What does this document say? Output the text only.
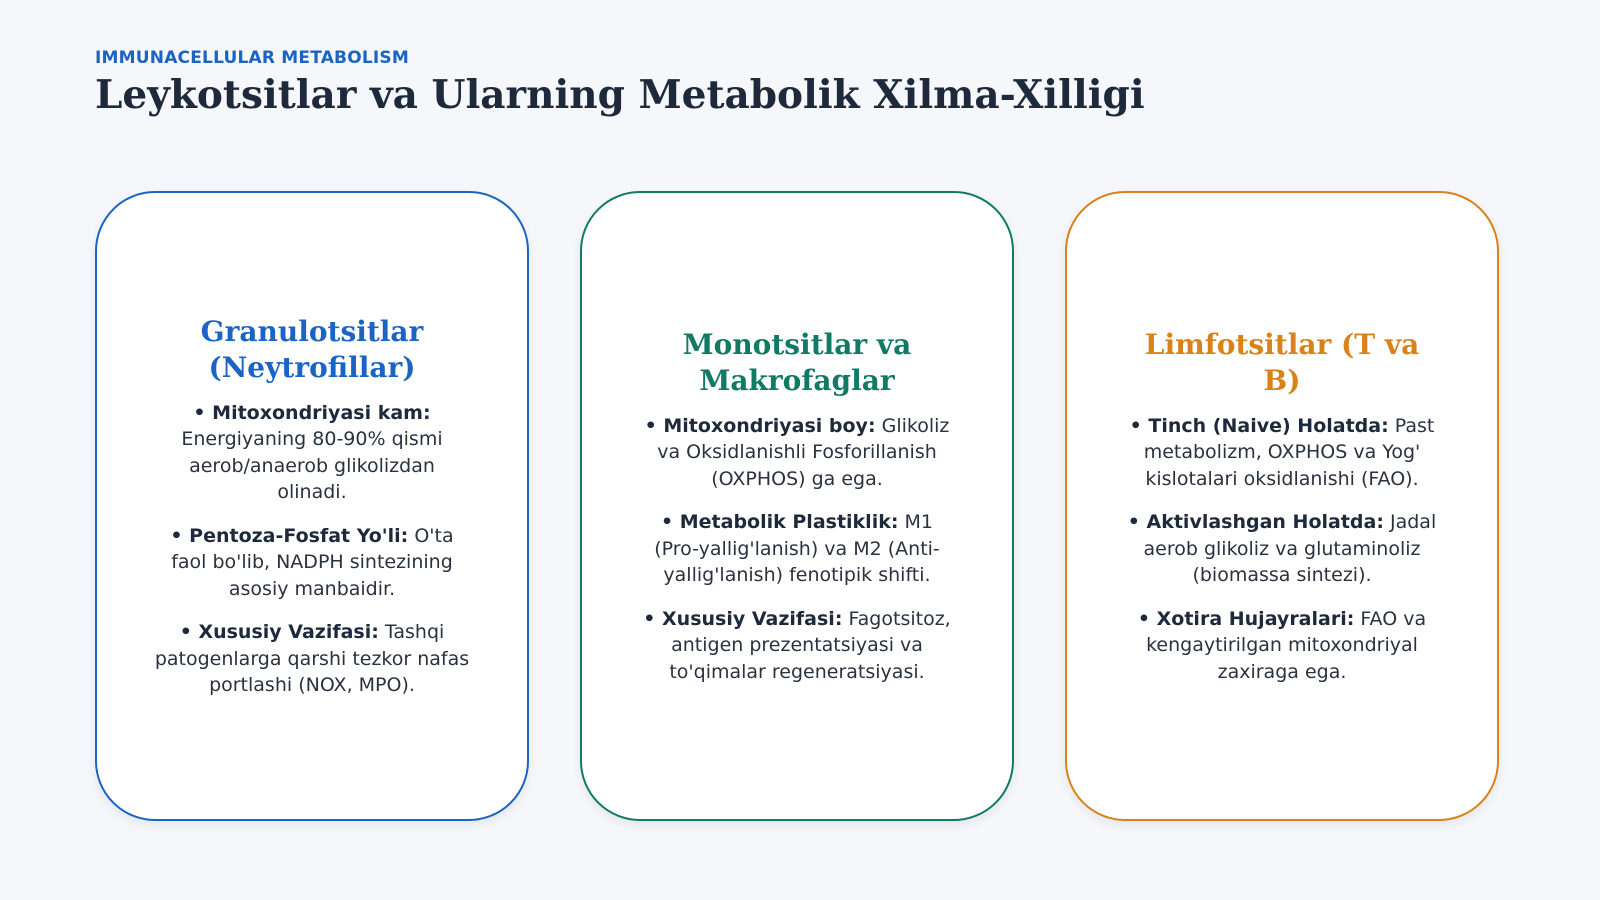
IMMUNACELLULAR METABOLISM
Leykotsitlar va Ularning Metabolik Xilma-Xilligi
Granulotsitlar (Neytrofillar)

• Mitoxondriyasi kam: Energiyaning 80-90% qismi aerob/anaerob glikolizdan olinadi.

• Pentoza-Fosfat Yo'li: O'ta faol bo'lib, NADPH sintezining asosiy manbaidir.

• Xususiy Vazifasi: Tashqi patogenlarga qarshi tezkor nafas portlashi (NOX, MPO).

Monotsitlar va Makrofaglar

• Mitoxondriyasi boy: Glikoliz va Oksidlanishli Fosforillanish (OXPHOS) ga ega.

• Metabolik Plastiklik: M1 (Pro-yallig'lanish) va M2 (Anti-yallig'lanish) fenotipik shifti.

• Xususiy Vazifasi: Fagotsitoz, antigen prezentatsiyasi va to'qimalar regeneratsiyasi.

Limfotsitlar (T va B)

• Tinch (Naive) Holatda: Past metabolizm, OXPHOS va Yog' kislotalari oksidlanishi (FAO).

• Aktivlashgan Holatda: Jadal aerob glikoliz va glutaminoliz (biomassa sintezi).

• Xotira Hujayralari: FAO va kengaytirilgan mitoxondriyal zaxiraga ega.
